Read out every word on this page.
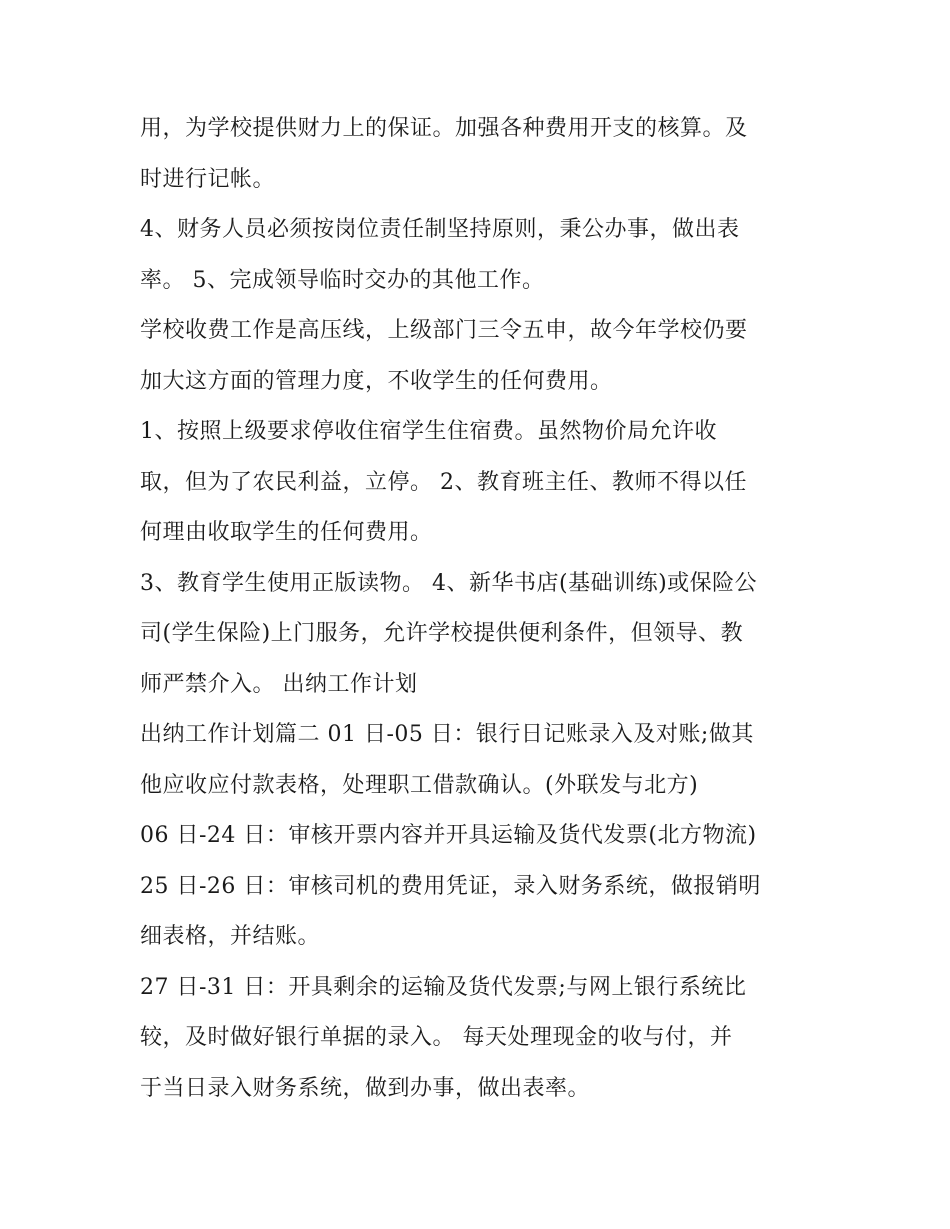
用，为学校提供财力上的保证。加强各种费用开支的核算。及
时进行记帐。
4、财务人员必须按岗位责任制坚持原则，秉公办事，做出表
率。 5、完成领导临时交办的其他工作。
学校收费工作是高压线，上级部门三令五申，故今年学校仍要
加大这方面的管理力度，不收学生的任何费用。
1、按照上级要求停收住宿学生住宿费。虽然物价局允许收
取，但为了农民利益，立停。 2、教育班主任、教师不得以任
何理由收取学生的任何费用。
3、教育学生使用正版读物。 4、新华书店(基础训练)或保险公
司(学生保险)上门服务，允许学校提供便利条件，但领导、教
师严禁介入。 出纳工作计划
出纳工作计划篇二 01 日-05 日：银行日记账录入及对账;做其
他应收应付款表格，处理职工借款确认。(外联发与北方)
06 日-24 日：审核开票内容并开具运输及货代发票(北方物流)
25 日-26 日：审核司机的费用凭证，录入财务系统，做报销明
细表格，并结账。
27 日-31 日：开具剩余的运输及货代发票;与网上银行系统比
较，及时做好银行单据的录入。 每天处理现金的收与付，并
于当日录入财务系统，做到办事，做出表率。
